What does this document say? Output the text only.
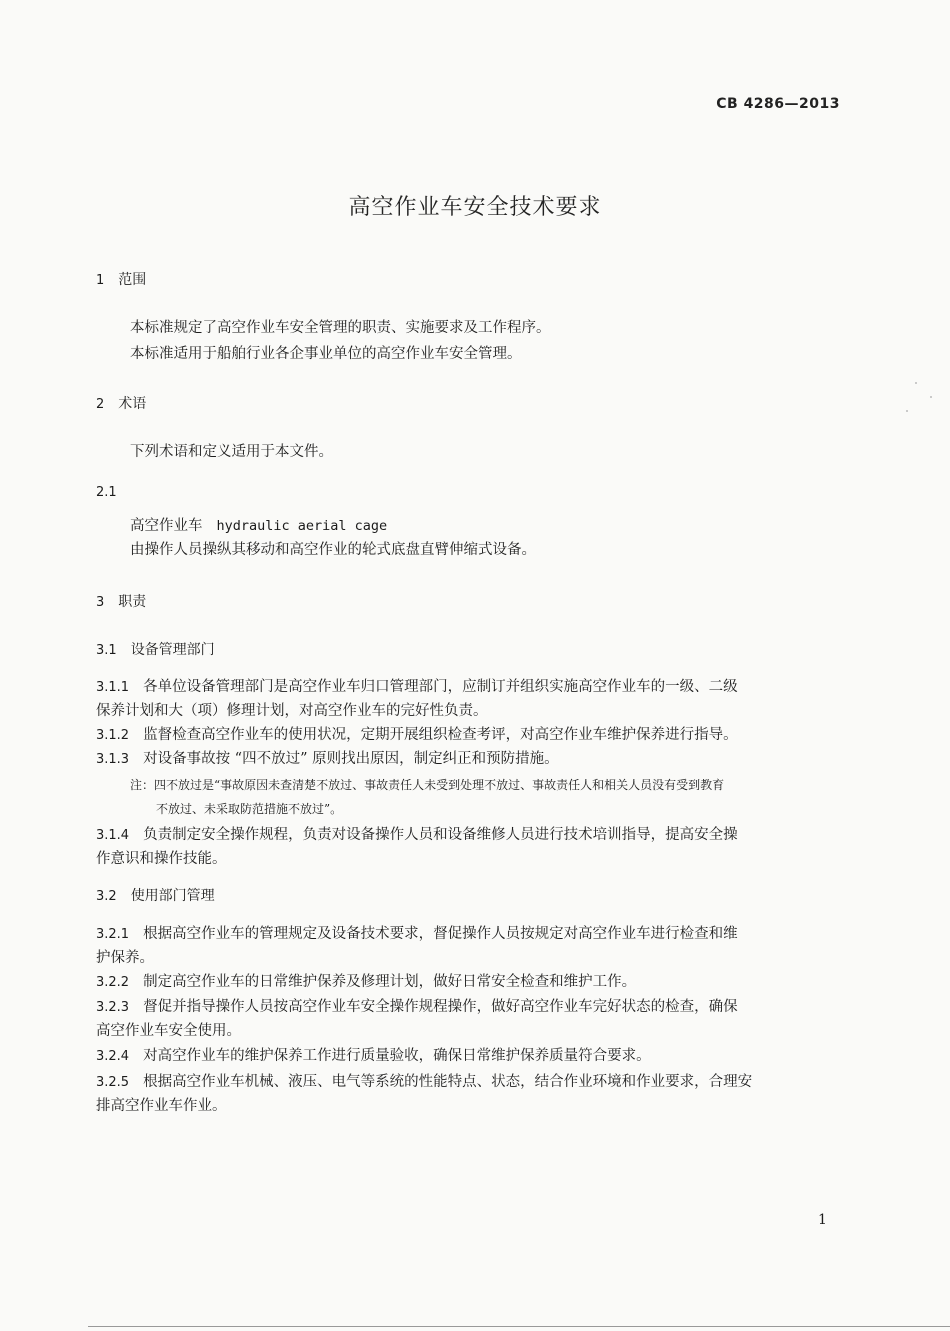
CB 4286—2013
高空作业车安全技术要求
1 范围
本标准规定了高空作业车安全管理的职责、实施要求及工作程序。
本标准适用于船舶行业各企事业单位的高空作业车安全管理。
2 术语
下列术语和定义适用于本文件。
2.1
高空作业车 hydraulic aerial cage
由操作人员操纵其移动和高空作业的轮式底盘直臂伸缩式设备。
3 职责
3.1 设备管理部门
3.1.1 各单位设备管理部门是高空作业车归口管理部门，应制订并组织实施高空作业车的一级、二级
保养计划和大（项）修理计划，对高空作业车的完好性负责。
3.1.2 监督检查高空作业车的使用状况，定期开展组织检查考评，对高空作业车维护保养进行指导。
3.1.3 对设备事故按 “四不放过” 原则找出原因，制定纠正和预防措施。
注：四不放过是“事故原因未查清楚不放过、事故责任人未受到处理不放过、事故责任人和相关人员没有受到教育
不放过、未采取防范措施不放过”。
3.1.4 负责制定安全操作规程，负责对设备操作人员和设备维修人员进行技术培训指导，提高安全操
作意识和操作技能。
3.2 使用部门管理
3.2.1 根据高空作业车的管理规定及设备技术要求，督促操作人员按规定对高空作业车进行检查和维
护保养。
3.2.2 制定高空作业车的日常维护保养及修理计划，做好日常安全检查和维护工作。
3.2.3 督促并指导操作人员按高空作业车安全操作规程操作，做好高空作业车完好状态的检查，确保
高空作业车安全使用。
3.2.4 对高空作业车的维护保养工作进行质量验收，确保日常维护保养质量符合要求。
3.2.5 根据高空作业车机械、液压、电气等系统的性能特点、状态，结合作业环境和作业要求，合理安
排高空作业车作业。
1
